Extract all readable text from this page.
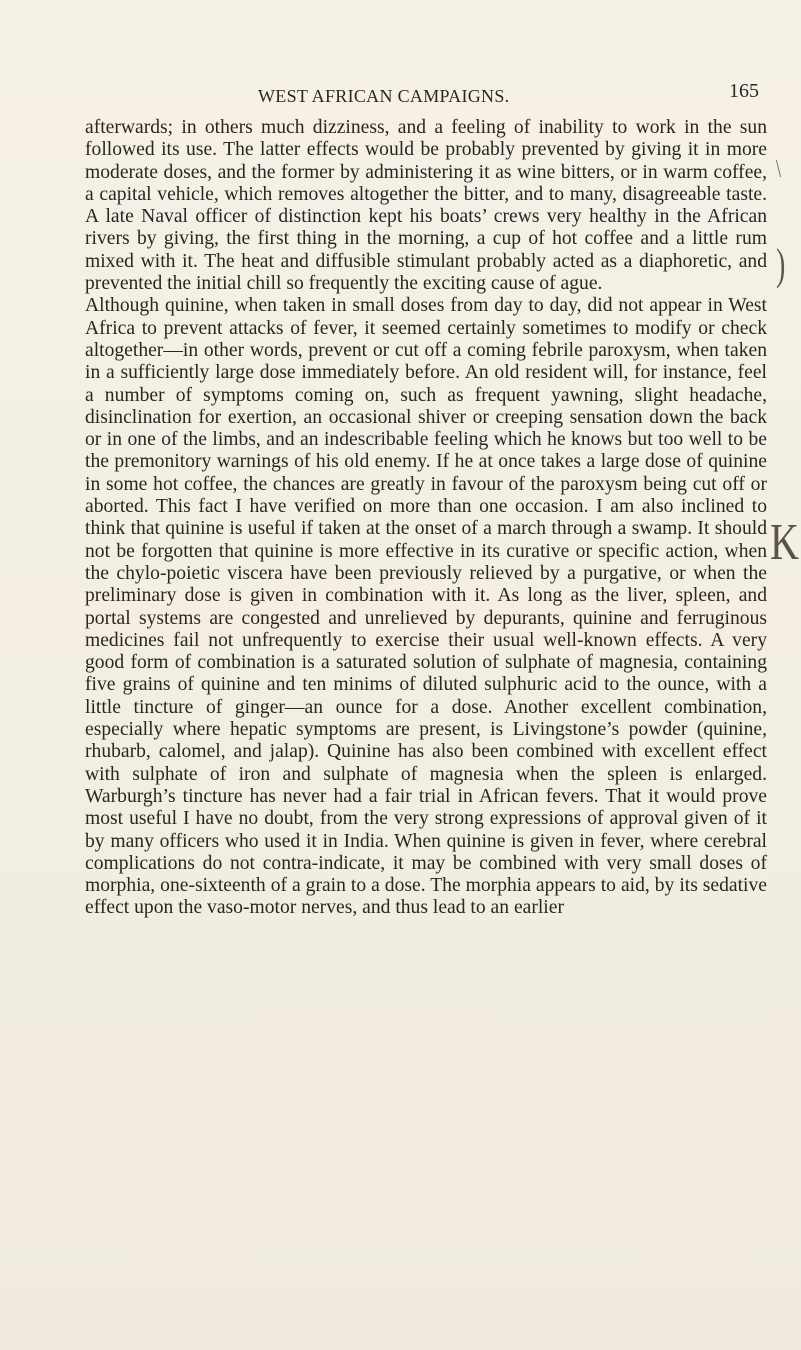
WEST AFRICAN CAMPAIGNS.	165

afterwards; in others much dizziness, and a feeling of inability to work in the sun followed its use. The latter effects would be probably prevented by giving it in more moderate doses, and the former by administering it as wine bitters, or in warm coffee, a capital vehicle, which removes altogether the bitter, and to many, disagreeable taste. A late Naval officer of distinction kept his boats’ crews very healthy in the African rivers by giving, the first thing in the morning, a cup of hot coffee and a little rum mixed with it. The heat and diffusible stimulant probably acted as a diaphoretic, and prevented the initial chill so frequently the exciting cause of ague.

Although quinine, when taken in small doses from day to day, did not appear in West Africa to prevent attacks of fever, it seemed certainly sometimes to modify or check altogether—in other words, prevent or cut off a coming febrile paroxysm, when taken in a sufficiently large dose immediately before. An old resident will, for instance, feel a number of symptoms coming on, such as frequent yawning, slight headache, disinclination for exertion, an occasional shiver or creeping sensation down the back or in one of the limbs, and an indescribable feeling which he knows but too well to be the premonitory warnings of his old enemy. If he at once takes a large dose of quinine in some hot coffee, the chances are greatly in favour of the paroxysm being cut off or aborted. This fact I have verified on more than one occasion. I am also inclined to think that quinine is useful if taken at the onset of a march through a swamp. It should not be forgotten that quinine is more effective in its curative or specific action, when the chylo-poietic viscera have been previously relieved by a purgative, or when the preliminary dose is given in combination with it. As long as the liver, spleen, and portal systems are congested and unrelieved by depurants, quinine and ferruginous medicines fail not unfrequently to exercise their usual well-known effects. A very good form of combination is a saturated solution of sulphate of magnesia, containing five grains of quinine and ten minims of diluted sulphuric acid to the ounce, with a little tincture of ginger—an ounce for a dose. Another excellent combination, especially where hepatic symptoms are present, is Livingstone’s powder (quinine, rhubarb, calomel, and jalap). Quinine has also been combined with excellent effect with sulphate of iron and sulphate of magnesia when the spleen is enlarged. Warburgh’s tincture has never had a fair trial in African fevers. That it would prove most useful I have no doubt, from the very strong expressions of approval given of it by many officers who used it in India. When quinine is given in fever, where cerebral complications do not contra-indicate, it may be combined with very small doses of morphia, one-sixteenth of a grain to a dose. The morphia appears to aid, by its sedative effect upon the vaso-motor nerves, and thus lead to an earlier

\
)
K
